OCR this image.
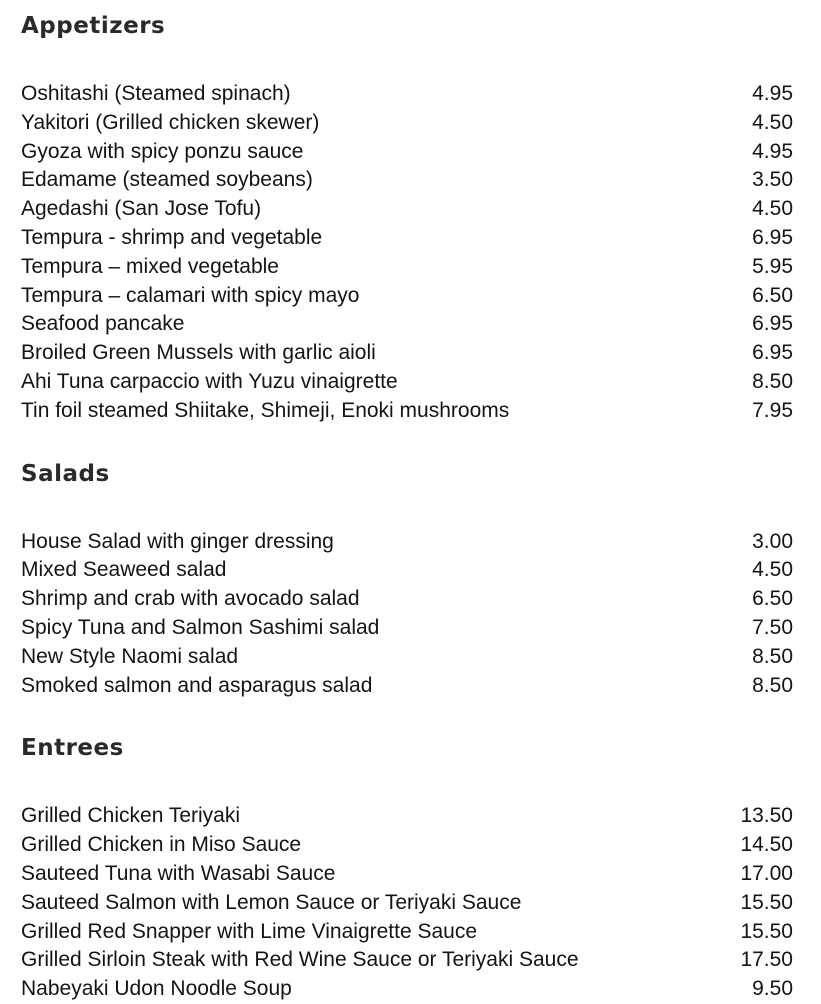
Appetizers
Oshitashi (Steamed spinach)	4.95
Yakitori (Grilled chicken skewer)	4.50
Gyoza with spicy ponzu sauce	4.95
Edamame (steamed soybeans)	3.50
Agedashi (San Jose Tofu)	4.50
Tempura - shrimp and vegetable	6.95
Tempura – mixed vegetable	5.95
Tempura – calamari with spicy mayo	6.50
Seafood pancake	6.95
Broiled Green Mussels with garlic aioli	6.95
Ahi Tuna carpaccio with Yuzu vinaigrette	8.50
Tin foil steamed Shiitake, Shimeji, Enoki mushrooms	7.95
Salads
House Salad with ginger dressing	3.00
Mixed Seaweed salad	4.50
Shrimp and crab with avocado salad	6.50
Spicy Tuna and Salmon Sashimi salad	7.50
New Style Naomi salad	8.50
Smoked salmon and asparagus salad	8.50
Entrees
Grilled Chicken Teriyaki	13.50
Grilled Chicken in Miso Sauce	14.50
Sauteed Tuna with Wasabi Sauce	17.00
Sauteed Salmon with Lemon Sauce or Teriyaki Sauce	15.50
Grilled Red Snapper with Lime Vinaigrette Sauce	15.50
Grilled Sirloin Steak with Red Wine Sauce or Teriyaki Sauce	17.50
Nabeyaki Udon Noodle Soup	9.50
